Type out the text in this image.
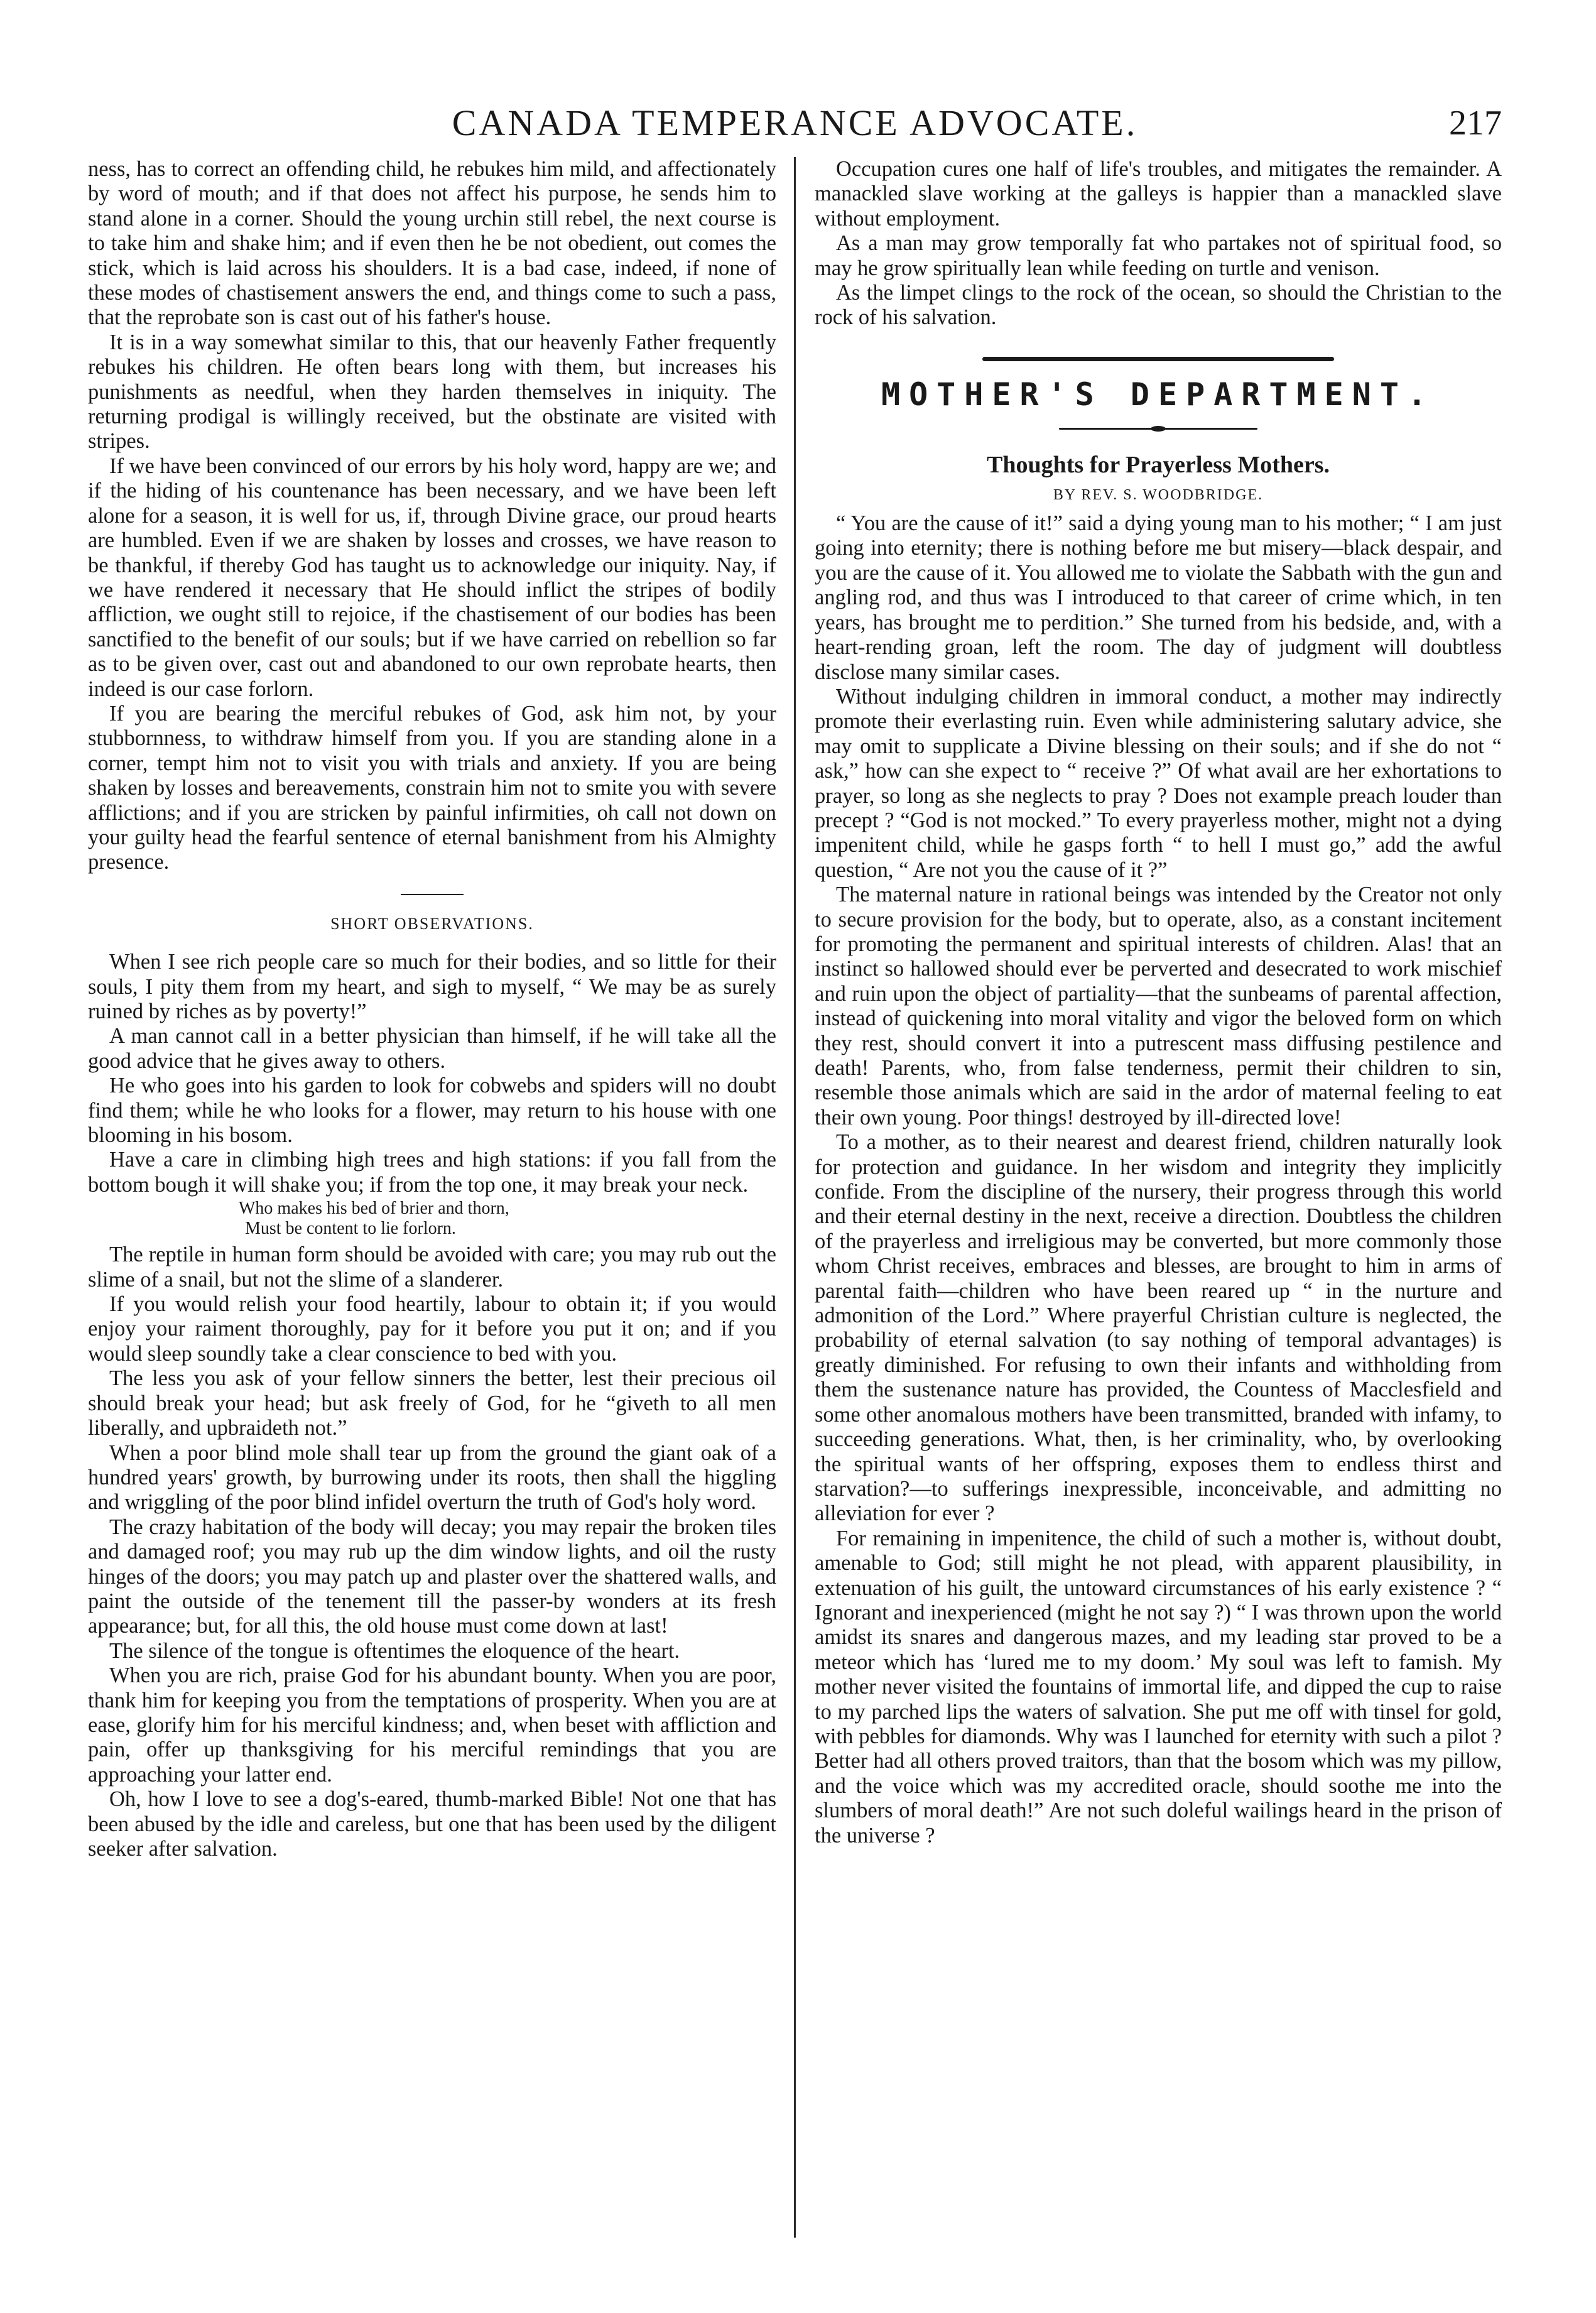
CANADA TEMPERANCE ADVOCATE.	217

ness, has to correct an offending child, he rebukes him mild, and affectionately by word of mouth; and if that does not affect his purpose, he sends him to stand alone in a corner. Should the young urchin still rebel, the next course is to take him and shake him; and if even then he be not obedient, out comes the stick, which is laid across his shoulders. It is a bad case, indeed, if none of these modes of chastisement answers the end, and things come to such a pass, that the reprobate son is cast out of his father's house.

It is in a way somewhat similar to this, that our heavenly Father frequently rebukes his children. He often bears long with them, but increases his punishments as needful, when they harden themselves in iniquity. The returning prodigal is willingly received, but the obstinate are visited with stripes.

If we have been convinced of our errors by his holy word, happy are we; and if the hiding of his countenance has been necessary, and we have been left alone for a season, it is well for us, if, through Divine grace, our proud hearts are humbled. Even if we are shaken by losses and crosses, we have reason to be thankful, if thereby God has taught us to acknowledge our iniquity. Nay, if we have rendered it necessary that He should inflict the stripes of bodily affliction, we ought still to rejoice, if the chastisement of our bodies has been sanctified to the benefit of our souls; but if we have carried on rebellion so far as to be given over, cast out and abandoned to our own reprobate hearts, then indeed is our case forlorn.

If you are bearing the merciful rebukes of God, ask him not, by your stubbornness, to withdraw himself from you. If you are standing alone in a corner, tempt him not to visit you with trials and anxiety. If you are being shaken by losses and bereavements, constrain him not to smite you with severe afflictions; and if you are stricken by painful infirmities, oh call not down on your guilty head the fearful sentence of eternal banishment from his Almighty presence.

SHORT OBSERVATIONS.

When I see rich people care so much for their bodies, and so little for their souls, I pity them from my heart, and sigh to myself, “ We may be as surely ruined by riches as by poverty!”

A man cannot call in a better physician than himself, if he will take all the good advice that he gives away to others.

He who goes into his garden to look for cobwebs and spiders will no doubt find them; while he who looks for a flower, may return to his house with one blooming in his bosom.

Have a care in climbing high trees and high stations: if you fall from the bottom bough it will shake you; if from the top one, it may break your neck.

Who makes his bed of brier and thorn,
Must be content to lie forlorn.

The reptile in human form should be avoided with care; you may rub out the slime of a snail, but not the slime of a slanderer.

If you would relish your food heartily, labour to obtain it; if you would enjoy your raiment thoroughly, pay for it before you put it on; and if you would sleep soundly take a clear conscience to bed with you.

The less you ask of your fellow sinners the better, lest their precious oil should break your head; but ask freely of God, for he “giveth to all men liberally, and upbraideth not.”

When a poor blind mole shall tear up from the ground the giant oak of a hundred years' growth, by burrowing under its roots, then shall the higgling and wriggling of the poor blind infidel overturn the truth of God's holy word.

The crazy habitation of the body will decay; you may repair the broken tiles and damaged roof; you may rub up the dim window lights, and oil the rusty hinges of the doors; you may patch up and plaster over the shattered walls, and paint the outside of the tenement till the passer-by wonders at its fresh appearance; but, for all this, the old house must come down at last!

The silence of the tongue is oftentimes the eloquence of the heart.

When you are rich, praise God for his abundant bounty. When you are poor, thank him for keeping you from the temptations of prosperity. When you are at ease, glorify him for his merciful kindness; and, when beset with affliction and pain, offer up thanksgiving for his merciful remindings that you are approaching your latter end.

Oh, how I love to see a dog's-eared, thumb-marked Bible! Not one that has been abused by the idle and careless, but one that has been used by the diligent seeker after salvation.

Occupation cures one half of life's troubles, and mitigates the remainder. A manackled slave working at the galleys is happier than a manackled slave without employment.

As a man may grow temporally fat who partakes not of spiritual food, so may he grow spiritually lean while feeding on turtle and venison.

As the limpet clings to the rock of the ocean, so should the Christian to the rock of his salvation.

MOTHER'S DEPARTMENT.
Thoughts for Prayerless Mothers.
BY REV. S. WOODBRIDGE.

“ You are the cause of it!” said a dying young man to his mother; “ I am just going into eternity; there is nothing before me but misery—black despair, and you are the cause of it. You allowed me to violate the Sabbath with the gun and angling rod, and thus was I introduced to that career of crime which, in ten years, has brought me to perdition.” She turned from his bedside, and, with a heart-rending groan, left the room. The day of judgment will doubtless disclose many similar cases.

Without indulging children in immoral conduct, a mother may indirectly promote their everlasting ruin. Even while administering salutary advice, she may omit to supplicate a Divine blessing on their souls; and if she do not “ ask,” how can she expect to “ receive ?” Of what avail are her exhortations to prayer, so long as she neglects to pray ? Does not example preach louder than precept ? “God is not mocked.” To every prayerless mother, might not a dying impenitent child, while he gasps forth “ to hell I must go,” add the awful question, “ Are not you the cause of it ?”

The maternal nature in rational beings was intended by the Creator not only to secure provision for the body, but to operate, also, as a constant incitement for promoting the permanent and spiritual interests of children. Alas! that an instinct so hallowed should ever be perverted and desecrated to work mischief and ruin upon the object of partiality—that the sunbeams of parental affection, instead of quickening into moral vitality and vigor the beloved form on which they rest, should convert it into a putrescent mass diffusing pestilence and death! Parents, who, from false tenderness, permit their children to sin, resemble those animals which are said in the ardor of maternal feeling to eat their own young. Poor things! destroyed by ill-directed love!

To a mother, as to their nearest and dearest friend, children naturally look for protection and guidance. In her wisdom and integrity they implicitly confide. From the discipline of the nursery, their progress through this world and their eternal destiny in the next, receive a direction. Doubtless the children of the prayerless and irreligious may be converted, but more commonly those whom Christ receives, embraces and blesses, are brought to him in arms of parental faith—children who have been reared up “ in the nurture and admonition of the Lord.” Where prayerful Christian culture is neglected, the probability of eternal salvation (to say nothing of temporal advantages) is greatly diminished. For refusing to own their infants and withholding from them the sustenance nature has provided, the Countess of Macclesfield and some other anomalous mothers have been transmitted, branded with infamy, to succeeding generations. What, then, is her criminality, who, by overlooking the spiritual wants of her offspring, exposes them to endless thirst and starvation?—to sufferings inexpressible, inconceivable, and admitting no alleviation for ever ?

For remaining in impenitence, the child of such a mother is, without doubt, amenable to God; still might he not plead, with apparent plausibility, in extenuation of his guilt, the untoward circumstances of his early existence ? “ Ignorant and inexperienced (might he not say ?) “ I was thrown upon the world amidst its snares and dangerous mazes, and my leading star proved to be a meteor which has ‘lured me to my doom.’ My soul was left to famish. My mother never visited the fountains of immortal life, and dipped the cup to raise to my parched lips the waters of salvation. She put me off with tinsel for gold, with pebbles for diamonds. Why was I launched for eternity with such a pilot ? Better had all others proved traitors, than that the bosom which was my pillow, and the voice which was my accredited oracle, should soothe me into the slumbers of moral death!” Are not such doleful wailings heard in the prison of the universe ?
